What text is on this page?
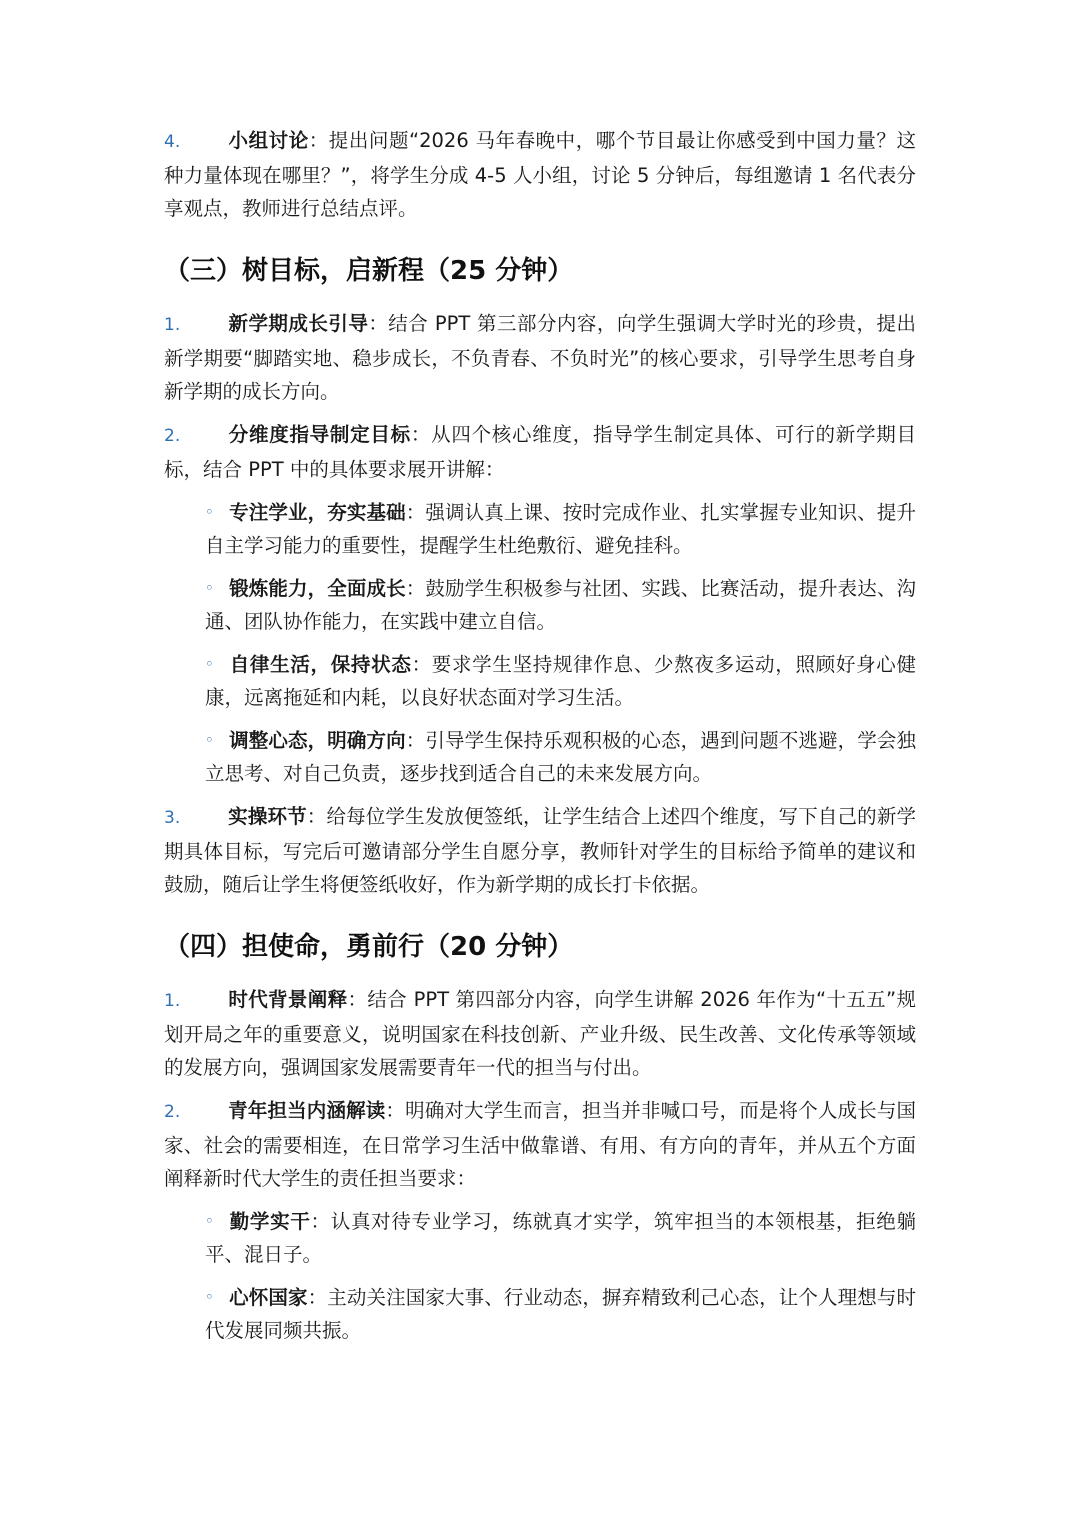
4. 小组讨论：提出问题“2026 马年春晚中，哪个节目最让你感受到中国力量？这种力量体现在哪里？”，将学生分成 4-5 人小组，讨论 5 分钟后，每组邀请 1 名代表分享观点，教师进行总结点评。

（三）树目标，启新程（25 分钟）

1. 新学期成长引导：结合 PPT 第三部分内容，向学生强调大学时光的珍贵，提出新学期要“脚踏实地、稳步成长，不负青春、不负时光”的核心要求，引导学生思考自身新学期的成长方向。

2. 分维度指导制定目标：从四个核心维度，指导学生制定具体、可行的新学期目标，结合 PPT 中的具体要求展开讲解：

◦ 专注学业，夯实基础：强调认真上课、按时完成作业、扎实掌握专业知识、提升自主学习能力的重要性，提醒学生杜绝敷衍、避免挂科。

◦ 锻炼能力，全面成长：鼓励学生积极参与社团、实践、比赛活动，提升表达、沟通、团队协作能力，在实践中建立自信。

◦ 自律生活，保持状态：要求学生坚持规律作息、少熬夜多运动，照顾好身心健康，远离拖延和内耗，以良好状态面对学习生活。

◦ 调整心态，明确方向：引导学生保持乐观积极的心态，遇到问题不逃避，学会独立思考、对自己负责，逐步找到适合自己的未来发展方向。

3. 实操环节：给每位学生发放便签纸，让学生结合上述四个维度，写下自己的新学期具体目标，写完后可邀请部分学生自愿分享，教师针对学生的目标给予简单的建议和鼓励，随后让学生将便签纸收好，作为新学期的成长打卡依据。

（四）担使命，勇前行（20 分钟）

1. 时代背景阐释：结合 PPT 第四部分内容，向学生讲解 2026 年作为“十五五”规划开局之年的重要意义，说明国家在科技创新、产业升级、民生改善、文化传承等领域的发展方向，强调国家发展需要青年一代的担当与付出。

2. 青年担当内涵解读：明确对大学生而言，担当并非喊口号，而是将个人成长与国家、社会的需要相连，在日常学习生活中做靠谱、有用、有方向的青年，并从五个方面阐释新时代大学生的责任担当要求：

◦ 勤学实干：认真对待专业学习，练就真才实学，筑牢担当的本领根基，拒绝躺平、混日子。

◦ 心怀国家：主动关注国家大事、行业动态，摒弃精致利己心态，让个人理想与时代发展同频共振。
